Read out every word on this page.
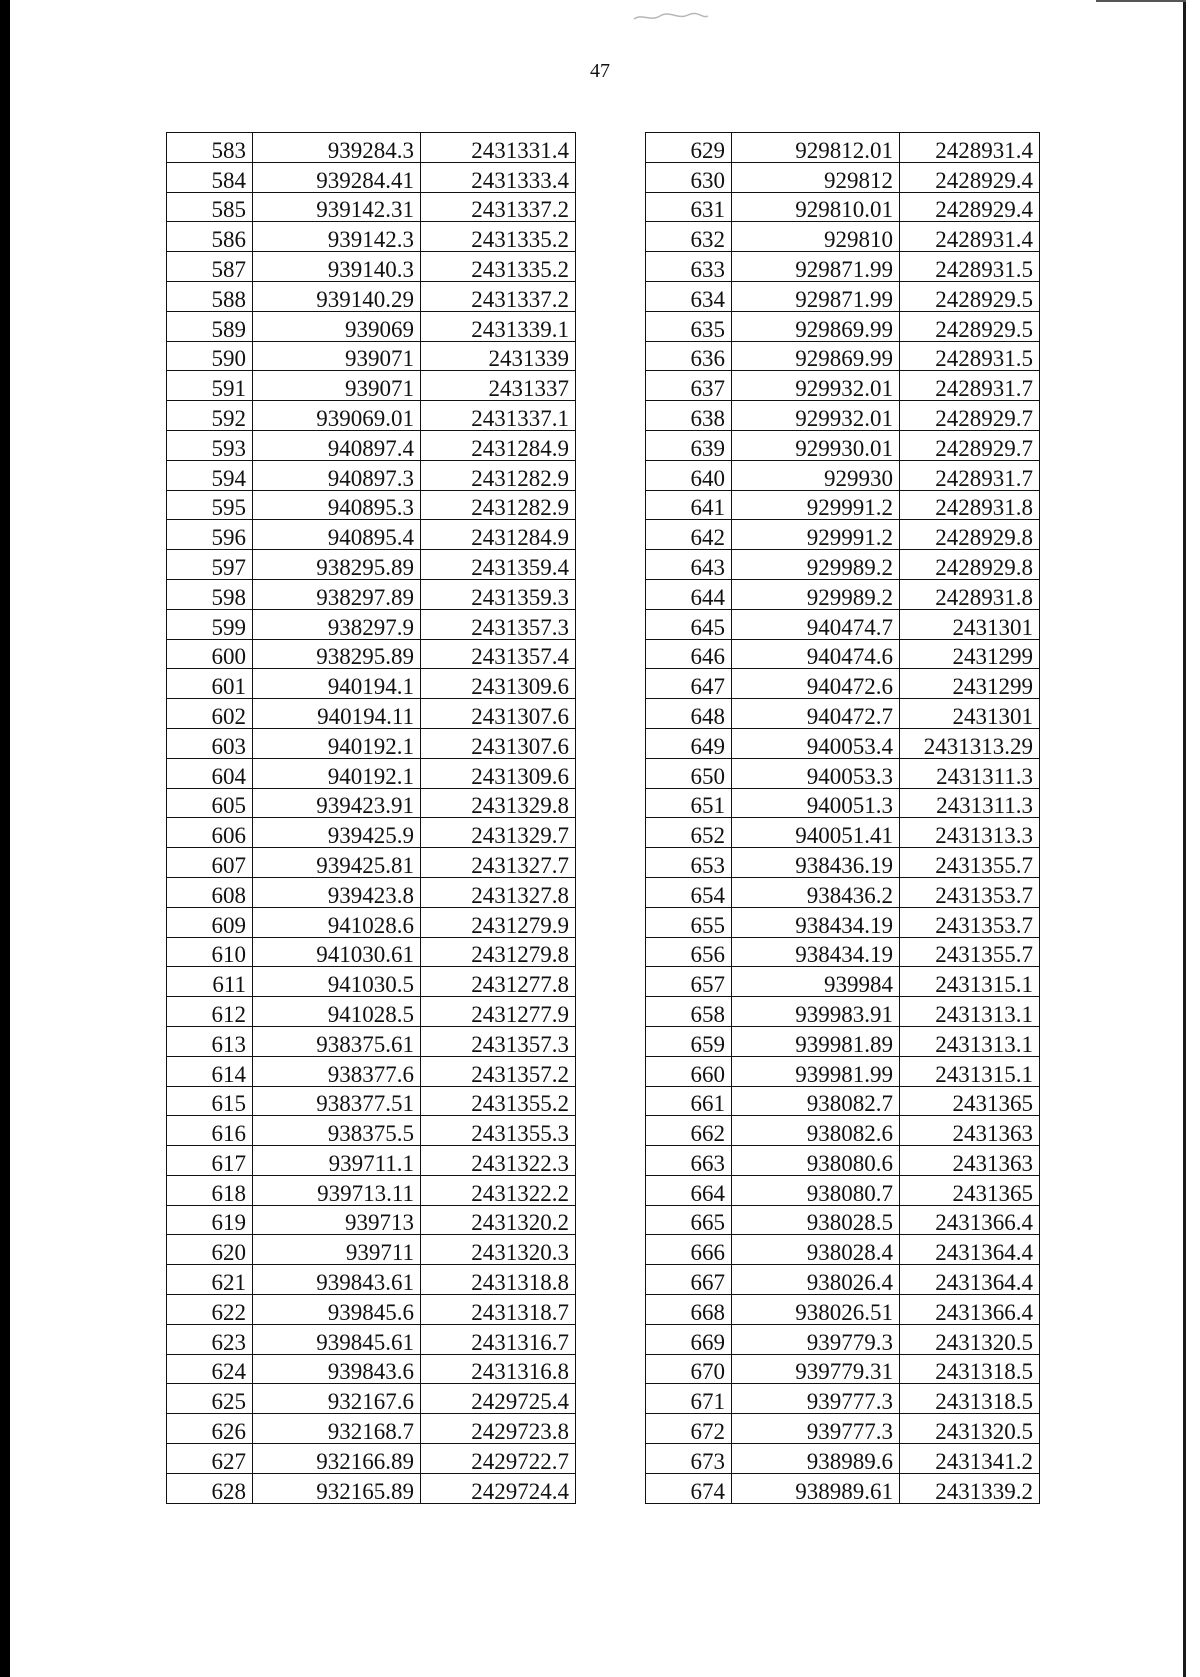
47
583	939284.3	2431331.4
584	939284.41	2431333.4
585	939142.31	2431337.2
586	939142.3	2431335.2
587	939140.3	2431335.2
588	939140.29	2431337.2
589	939069	2431339.1
590	939071	2431339
591	939071	2431337
592	939069.01	2431337.1
593	940897.4	2431284.9
594	940897.3	2431282.9
595	940895.3	2431282.9
596	940895.4	2431284.9
597	938295.89	2431359.4
598	938297.89	2431359.3
599	938297.9	2431357.3
600	938295.89	2431357.4
601	940194.1	2431309.6
602	940194.11	2431307.6
603	940192.1	2431307.6
604	940192.1	2431309.6
605	939423.91	2431329.8
606	939425.9	2431329.7
607	939425.81	2431327.7
608	939423.8	2431327.8
609	941028.6	2431279.9
610	941030.61	2431279.8
611	941030.5	2431277.8
612	941028.5	2431277.9
613	938375.61	2431357.3
614	938377.6	2431357.2
615	938377.51	2431355.2
616	938375.5	2431355.3
617	939711.1	2431322.3
618	939713.11	2431322.2
619	939713	2431320.2
620	939711	2431320.3
621	939843.61	2431318.8
622	939845.6	2431318.7
623	939845.61	2431316.7
624	939843.6	2431316.8
625	932167.6	2429725.4
626	932168.7	2429723.8
627	932166.89	2429722.7
628	932165.89	2429724.4
629	929812.01	2428931.4
630	929812	2428929.4
631	929810.01	2428929.4
632	929810	2428931.4
633	929871.99	2428931.5
634	929871.99	2428929.5
635	929869.99	2428929.5
636	929869.99	2428931.5
637	929932.01	2428931.7
638	929932.01	2428929.7
639	929930.01	2428929.7
640	929930	2428931.7
641	929991.2	2428931.8
642	929991.2	2428929.8
643	929989.2	2428929.8
644	929989.2	2428931.8
645	940474.7	2431301
646	940474.6	2431299
647	940472.6	2431299
648	940472.7	2431301
649	940053.4	2431313.29
650	940053.3	2431311.3
651	940051.3	2431311.3
652	940051.41	2431313.3
653	938436.19	2431355.7
654	938436.2	2431353.7
655	938434.19	2431353.7
656	938434.19	2431355.7
657	939984	2431315.1
658	939983.91	2431313.1
659	939981.89	2431313.1
660	939981.99	2431315.1
661	938082.7	2431365
662	938082.6	2431363
663	938080.6	2431363
664	938080.7	2431365
665	938028.5	2431366.4
666	938028.4	2431364.4
667	938026.4	2431364.4
668	938026.51	2431366.4
669	939779.3	2431320.5
670	939779.31	2431318.5
671	939777.3	2431318.5
672	939777.3	2431320.5
673	938989.6	2431341.2
674	938989.61	2431339.2
